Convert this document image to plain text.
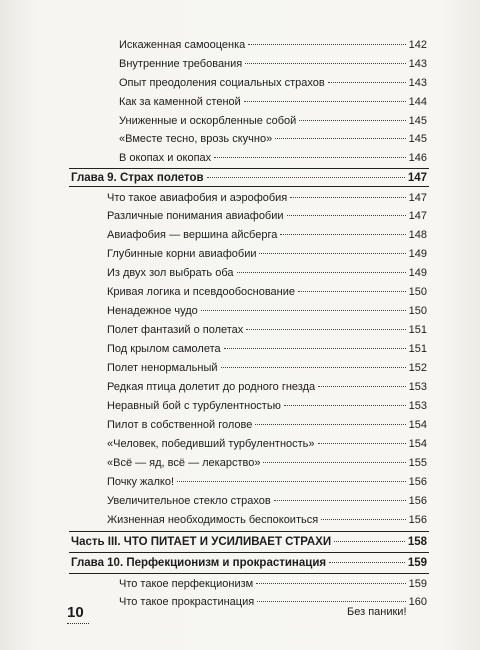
Искаженная самооценка	142
Внутренние требования	143
Опыт преодоления социальных страхов	143
Как за каменной стеной	144
Униженные и оскорбленные собой	145
«Вместе тесно, врозь скучно»	145
В окопах и окопах	146
Глава 9. Страх полетов	147
Что такое авиафобия и аэрофобия	147
Различные понимания авиафобии	147
Авиафобия — вершина айсберга	148
Глубинные корни авиафобии	149
Из двух зол выбрать оба	149
Кривая логика и псевдообоснование	150
Ненадежное чудо	150
Полет фантазий о полетах	151
Под крылом самолета	151
Полет ненормальный	152
Редкая птица долетит до родного гнезда	153
Неравный бой с турбулентностью	153
Пилот в собственной голове	154
«Человек, победивший турбулентность»	154
«Всё — яд, всё — лекарство»	155
Почку жалко!	156
Увеличительное стекло страхов	156
Жизненная необходимость беспокоиться	156
Часть III. ЧТО ПИТАЕТ И УСИЛИВАЕТ СТРАХИ	158
Глава 10. Перфекционизм и прокрастинация	159
10	Без паники!
Что такое перфекционизм	159
Что такое прокрастинация	160
